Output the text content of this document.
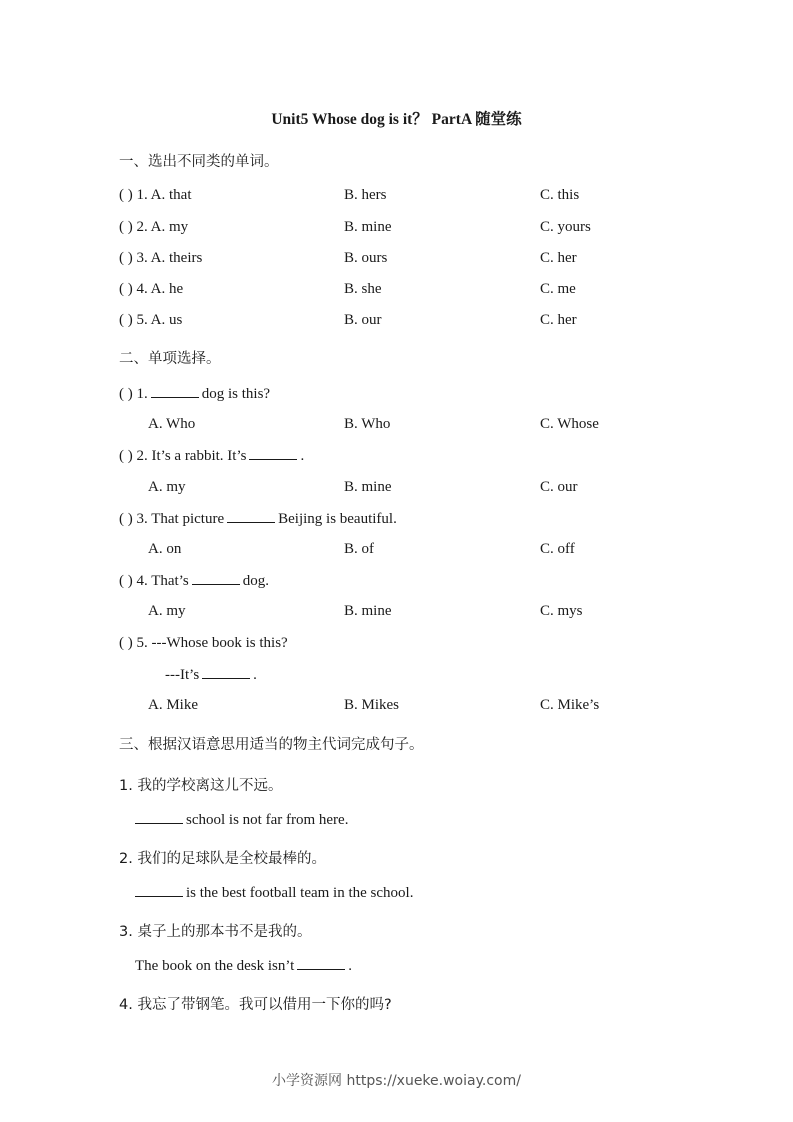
Unit5 Whose dog is it？ PartA 随堂练
一、选出不同类的单词。
( ) 1. A. that	B. hers	C. this
( ) 2. A. my	B. mine	C. yours
( ) 3. A. theirs	B. ours	C. her
( ) 4. A. he	B. she	C. me
( ) 5. A. us	B. our	C. her
二、单项选择。
( ) 1.	dog is this?
A. Who	B. Who	C. Whose
( ) 2. It’s a rabbit. It’s	.
A. my	B. mine	C. our
( ) 3. That picture	Beijing is beautiful.
A. on	B. of	C. off
( ) 4. That’s	dog.
A. my	B. mine	C. mys
( ) 5. ---Whose book is this?
---It’s	.
A. Mike	B. Mikes	C. Mike’s
三、根据汉语意思用适当的物主代词完成句子。
1. 我的学校离这儿不远。
school is not far from here.
2. 我们的足球队是全校最棒的。
is the best football team in the school.
3. 桌子上的那本书不是我的。
The book on the desk isn’t	.
4. 我忘了带钢笔。我可以借用一下你的吗?
小学资源网 https://xueke.woiay.com/
